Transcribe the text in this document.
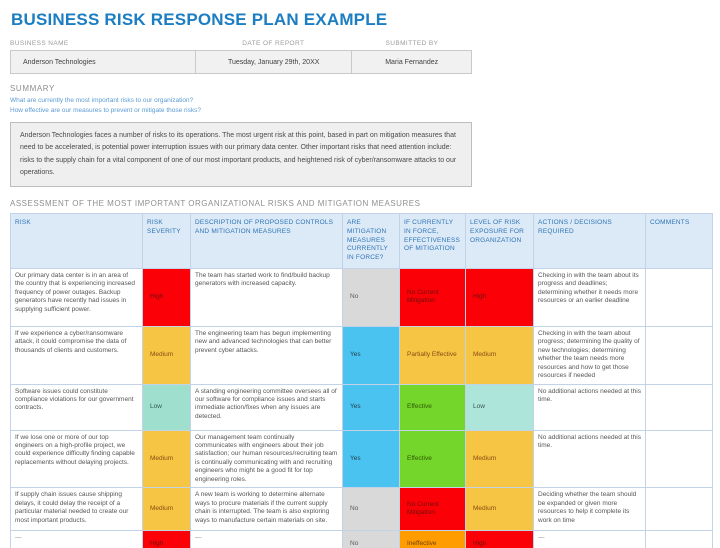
BUSINESS RISK RESPONSE PLAN EXAMPLE
BUSINESS NAME	DATE OF REPORT	SUBMITTED BY
Anderson Technologies	Tuesday, January 29th, 20XX	Maria Fernandez
SUMMARY
What are currently the most important risks to our organization?
How effective are our measures to prevent or mitigate those risks?
Anderson Technologies faces a number of risks to its operations. The most urgent risk at this point, based in part on mitigation measures that need to be accelerated, is potential power interruption issues with our primary data center. Other important risks that need attention include: risks to the supply chain for a vital component of one of our most important products, and heightened risk of cyber/ransomware attacks to our operations.
ASSESSMENT OF THE MOST IMPORTANT ORGANIZATIONAL RISKS AND MITIGATION MEASURES
RISK	RISK SEVERITY	DESCRIPTION OF PROPOSED CONTROLS AND MITIGATION MEASURES	ARE MITIGATION MEASURES CURRENTLY IN FORCE?	IF CURRENTLY IN FORCE, EFFECTIVENESS OF MITIGATION	LEVEL OF RISK EXPOSURE FOR ORGANIZATION	ACTIONS / DECISIONS REQUIRED	COMMENTS
Our primary data center is in an area of the country that is experiencing increased frequency of power outages. Backup generators have recently had issues in supplying sufficient power.	High	The team has started work to find/build backup generators with increased capacity.	No	No Current Mitigation	High	Checking in with the team about its progress and deadlines; determining whether it needs more resources or an earlier deadline	
If we experience a cyber/ransomware attack, it could compromise the data of thousands of clients and customers.	Medium	The engineering team has begun implementing new and advanced technologies that can better prevent cyber attacks.	Yes	Partially Effective	Medium	Checking in with the team about progress; determining the quality of new technologies; determining whether the team needs more resources and how to get those resources if needed	
Software issues could constitute compliance violations for our government contracts.	Low	A standing engineering committee oversees all of our software for compliance issues and starts immediate action/fixes when any issues are detected.	Yes	Effective	Low	No additional actions needed at this time.	
If we lose one or more of our top engineers on a high-profile project, we could experience difficulty finding capable replacements without delaying projects.	Medium	Our management team continually communicates with engineers about their job satisfaction; our human resources/recruiting team is continually communicating with and recruiting engineers who might be a good fit for top engineering roles.	Yes	Effective	Medium	No additional actions needed at this time.	
If supply chain issues cause shipping delays, it could delay the receipt of a particular material needed to create our most important products.	Medium	A new team is working to determine alternate ways to procure materials if the current supply chain is interrupted. The team is also exploring ways to manufacture certain materials on site.	No	No Current Mitigation	Medium	Deciding whether the team should be expanded or given more resources to help it complete its work on time	
—	High	—	No	Ineffective	High	—	
